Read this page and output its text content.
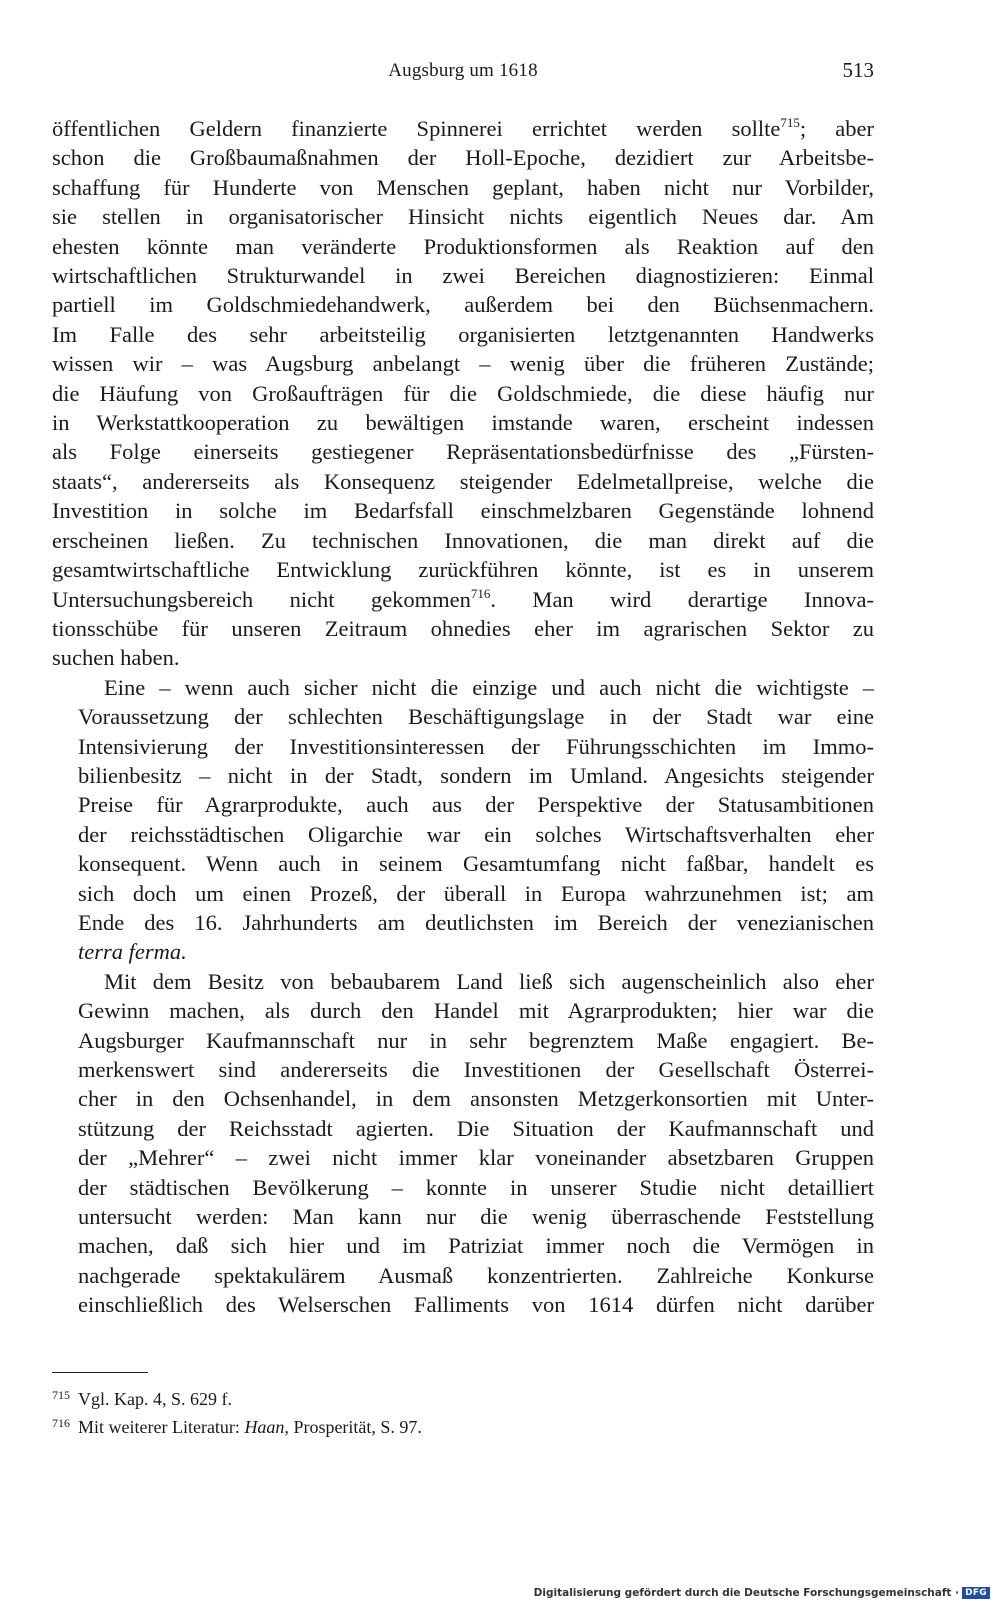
Augsburg um 1618	513
öffentlichen Geldern finanzierte Spinnerei errichtet werden sollte$^{715}$; aber
schon die Großbaumaßnahmen der Holl-Epoche, dezidiert zur Arbeitsbe-
schaffung für Hunderte von Menschen geplant, haben nicht nur Vorbilder,
sie stellen in organisatorischer Hinsicht nichts eigentlich Neues dar. Am
ehesten könnte man veränderte Produktionsformen als Reaktion auf den
wirtschaftlichen Strukturwandel in zwei Bereichen diagnostizieren: Einmal
partiell im Goldschmiedehandwerk, außerdem bei den Büchsenmachern.
Im Falle des sehr arbeitsteilig organisierten letztgenannten Handwerks
wissen wir – was Augsburg anbelangt – wenig über die früheren Zustände;
die Häufung von Großaufträgen für die Goldschmiede, die diese häufig nur
in Werkstattkooperation zu bewältigen imstande waren, erscheint indessen
als Folge einerseits gestiegener Repräsentationsbedürfnisse des „Fürsten-
staats“, andererseits als Konsequenz steigender Edelmetallpreise, welche die
Investition in solche im Bedarfsfall einschmelzbaren Gegenstände lohnend
erscheinen ließen. Zu technischen Innovationen, die man direkt auf die
gesamtwirtschaftliche Entwicklung zurückführen könnte, ist es in unserem
Untersuchungsbereich nicht gekommen$^{716}$. Man wird derartige Innova-
tionsschübe für unseren Zeitraum ohnedies eher im agrarischen Sektor zu
suchen haben.
Eine – wenn auch sicher nicht die einzige und auch nicht die wichtigste –
Voraussetzung der schlechten Beschäftigungslage in der Stadt war eine
Intensivierung der Investitionsinteressen der Führungsschichten im Immo-
bilienbesitz – nicht in der Stadt, sondern im Umland. Angesichts steigender
Preise für Agrarprodukte, auch aus der Perspektive der Statusambitionen
der reichsstädtischen Oligarchie war ein solches Wirtschaftsverhalten eher
konsequent. Wenn auch in seinem Gesamtumfang nicht faßbar, handelt es
sich doch um einen Prozeß, der überall in Europa wahrzunehmen ist; am
Ende des 16. Jahrhunderts am deutlichsten im Bereich der venezianischen
terra ferma.
Mit dem Besitz von bebaubarem Land ließ sich augenscheinlich also eher
Gewinn machen, als durch den Handel mit Agrarprodukten; hier war die
Augsburger Kaufmannschaft nur in sehr begrenztem Maße engagiert. Be-
merkenswert sind andererseits die Investitionen der Gesellschaft Österrei-
cher in den Ochsenhandel, in dem ansonsten Metzgerkonsortien mit Unter-
stützung der Reichsstadt agierten. Die Situation der Kaufmannschaft und
der „Mehrer“ – zwei nicht immer klar voneinander absetzbaren Gruppen
der städtischen Bevölkerung – konnte in unserer Studie nicht detailliert
untersucht werden: Man kann nur die wenig überraschende Feststellung
machen, daß sich hier und im Patriziat immer noch die Vermögen in
nachgerade spektakulärem Ausmaß konzentrierten. Zahlreiche Konkurse
einschließlich des Welserschen Falliments von 1614 dürfen nicht darüber
$^{715}$ Vgl. Kap. 4, S. 629 f.
$^{716}$ Mit weiterer Literatur: Haan, Prosperität, S. 97.
Digitalisierung gefördert durch die Deutsche Forschungsgemeinschaft · DFG
